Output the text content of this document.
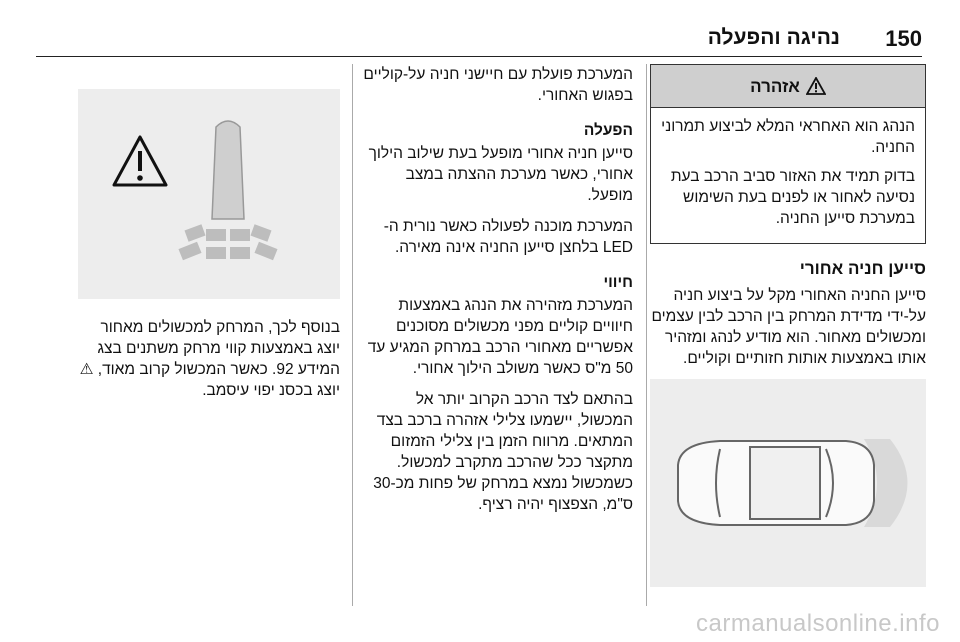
150
נהיגה והפעלה
אזהרה

הנהג הוא האחראי המלא לביצוע תמרוני החניה.

בדוק תמיד את האזור סביב הרכב בעת נסיעה לאחור או לפנים בעת השימוש במערכת סייען החניה.

סייען חניה אחורי

סייען החניה האחורי מקל על ביצוע חניה על-ידי מדידת המרחק בין הרכב לבין עצמים ומכשולים מאחור. הוא מודיע לנהג ומזהיר אותו באמצעות אותות חזותיים וקוליים.

המערכת פועלת עם חיישני חניה על-קוליים בפגוש האחורי.

הפעלה

סייען חניה אחורי מופעל בעת שילוב הילוך אחורי, כאשר מערכת ההצתה במצב מופעל.

המערכת מוכנה לפעולה כאשר נורית ה-LED בלחצן סייען החניה אינה מאירה.

חיווי

המערכת מזהירה את הנהג באמצעות חיוויים קוליים מפני מכשולים מסוכנים אפשריים מאחורי הרכב במרחק המגיע עד 50 מ"ס כאשר משולב הילוך אחורי.

בהתאם לצד הרכב הקרוב יותר אל המכשול, יישמעו צלילי אזהרה ברכב בצד המתאים. מרווח הזמן בין צלילי הזמזום מתקצר ככל שהרכב מתקרב למכשול. כשמכשול נמצא במרחק של פחות מכ-30 ס"מ, הצפצוף יהיה רציף.

בנוסף לכך, המרחק למכשולים מאחור יוצג באמצעות קווי מרחק משתנים בצג המידע 92. כאשר המכשול קרוב מאוד, ⚠ יוצג בכסנ יפוי עיסמב.

carmanualsonline.info
